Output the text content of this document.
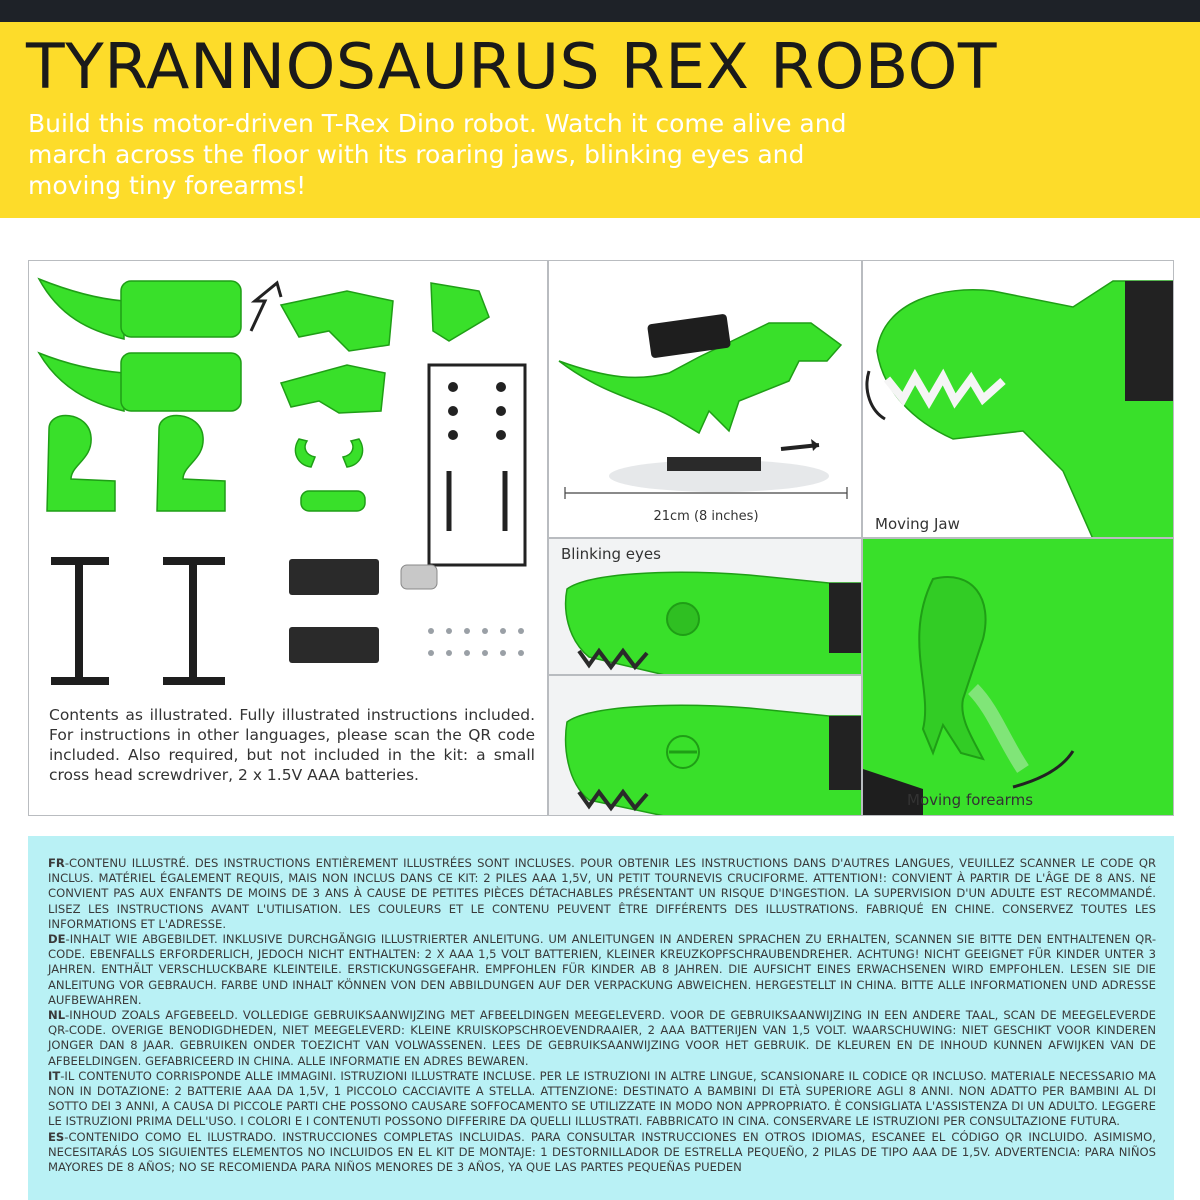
TYRANNOSAURUS REX ROBOT
Build this motor-driven T-Rex Dino robot. Watch it come alive and march across the floor with its roaring jaws, blinking eyes and moving tiny forearms!
Contents as illustrated. Fully illustrated instructions included. For instructions in other languages, please scan the QR code included. Also required, but not included in the kit: a small cross head screwdriver, 2 x 1.5V AAA batteries.
21cm (8 inches)	Moving Jaw
Blinking eyes
Moving forearms

FR-CONTENU ILLUSTRÉ. DES INSTRUCTIONS ENTIÈREMENT ILLUSTRÉES SONT INCLUSES. POUR OBTENIR LES INSTRUCTIONS DANS D'AUTRES LANGUES, VEUILLEZ SCANNER LE CODE QR INCLUS. MATÉRIEL ÉGALEMENT REQUIS, MAIS NON INCLUS DANS CE KIT: 2 PILES AAA 1,5V, UN PETIT TOURNEVIS CRUCIFORME. ATTENTION!: CONVIENT À PARTIR DE L'ÂGE DE 8 ANS. NE CONVIENT PAS AUX ENFANTS DE MOINS DE 3 ANS À CAUSE DE PETITES PIÈCES DÉTACHABLES PRÉSENTANT UN RISQUE D'INGESTION. LA SUPERVISION D'UN ADULTE EST RECOMMANDÉ. LISEZ LES INSTRUCTIONS AVANT L'UTILISATION. LES COULEURS ET LE CONTENU PEUVENT ÊTRE DIFFÉRENTS DES ILLUSTRATIONS. FABRIQUÉ EN CHINE. CONSERVEZ TOUTES LES INFORMATIONS ET L'ADRESSE.

DE-INHALT WIE ABGEBILDET. INKLUSIVE DURCHGÄNGIG ILLUSTRIERTER ANLEITUNG. UM ANLEITUNGEN IN ANDEREN SPRACHEN ZU ERHALTEN, SCANNEN SIE BITTE DEN ENTHALTENEN QR-CODE. EBENFALLS ERFORDERLICH, JEDOCH NICHT ENTHALTEN: 2 X AAA 1,5 VOLT BATTERIEN, KLEINER KREUZKOPFSCHRAUBENDREHER. ACHTUNG! NICHT GEEIGNET FÜR KINDER UNTER 3 JAHREN. ENTHÄLT VERSCHLUCKBARE KLEINTEILE. ERSTICKUNGSGEFAHR. EMPFOHLEN FÜR KINDER AB 8 JAHREN. DIE AUFSICHT EINES ERWACHSENEN WIRD EMPFOHLEN. LESEN SIE DIE ANLEITUNG VOR GEBRAUCH. FARBE UND INHALT KÖNNEN VON DEN ABBILDUNGEN AUF DER VERPACKUNG ABWEICHEN. HERGESTELLT IN CHINA. BITTE ALLE INFORMATIONEN UND ADRESSE AUFBEWAHREN.

NL-INHOUD ZOALS AFGEBEELD. VOLLEDIGE GEBRUIKSAANWIJZING MET AFBEELDINGEN MEEGELEVERD. VOOR DE GEBRUIKSAANWIJZING IN EEN ANDERE TAAL, SCAN DE MEEGELEVERDE QR-CODE. OVERIGE BENODIGDHEDEN, NIET MEEGELEVERD: KLEINE KRUISKOPSCHROEVENDRAAIER, 2 AAA BATTERIJEN VAN 1,5 VOLT. WAARSCHUWING: NIET GESCHIKT VOOR KINDEREN JONGER DAN 8 JAAR. GEBRUIKEN ONDER TOEZICHT VAN VOLWASSENEN. LEES DE GEBRUIKSAANWIJZING VOOR HET GEBRUIK. DE KLEUREN EN DE INHOUD KUNNEN AFWIJKEN VAN DE AFBEELDINGEN. GEFABRICEERD IN CHINA. ALLE INFORMATIE EN ADRES BEWAREN.

IT-IL CONTENUTO CORRISPONDE ALLE IMMAGINI. ISTRUZIONI ILLUSTRATE INCLUSE. PER LE ISTRUZIONI IN ALTRE LINGUE, SCANSIONARE IL CODICE QR INCLUSO. MATERIALE NECESSARIO MA NON IN DOTAZIONE: 2 BATTERIE AAA DA 1,5V, 1 PICCOLO CACCIAVITE A STELLA. ATTENZIONE: DESTINATO A BAMBINI DI ETÀ SUPERIORE AGLI 8 ANNI. NON ADATTO PER BAMBINI AL DI SOTTO DEI 3 ANNI, A CAUSA DI PICCOLE PARTI CHE POSSONO CAUSARE SOFFOCAMENTO SE UTILIZZATE IN MODO NON APPROPRIATO. È CONSIGLIATA L'ASSISTENZA DI UN ADULTO. LEGGERE LE ISTRUZIONI PRIMA DELL'USO. I COLORI E I CONTENUTI POSSONO DIFFERIRE DA QUELLI ILLUSTRATI. FABBRICATO IN CINA. CONSERVARE LE ISTRUZIONI PER CONSULTAZIONE FUTURA.

ES-CONTENIDO COMO EL ILUSTRADO. INSTRUCCIONES COMPLETAS INCLUIDAS. PARA CONSULTAR INSTRUCCIONES EN OTROS IDIOMAS, ESCANEE EL CÓDIGO QR INCLUIDO. ASIMISMO, NECESITARÁS LOS SIGUIENTES ELEMENTOS NO INCLUIDOS EN EL KIT DE MONTAJE: 1 DESTORNILLADOR DE ESTRELLA PEQUEÑO, 2 PILAS DE TIPO AAA DE 1,5V. ADVERTENCIA: PARA NIÑOS MAYORES DE 8 AÑOS; NO SE RECOMIENDA PARA NIÑOS MENORES DE 3 AÑOS, YA QUE LAS PARTES PEQUEÑAS PUEDEN
